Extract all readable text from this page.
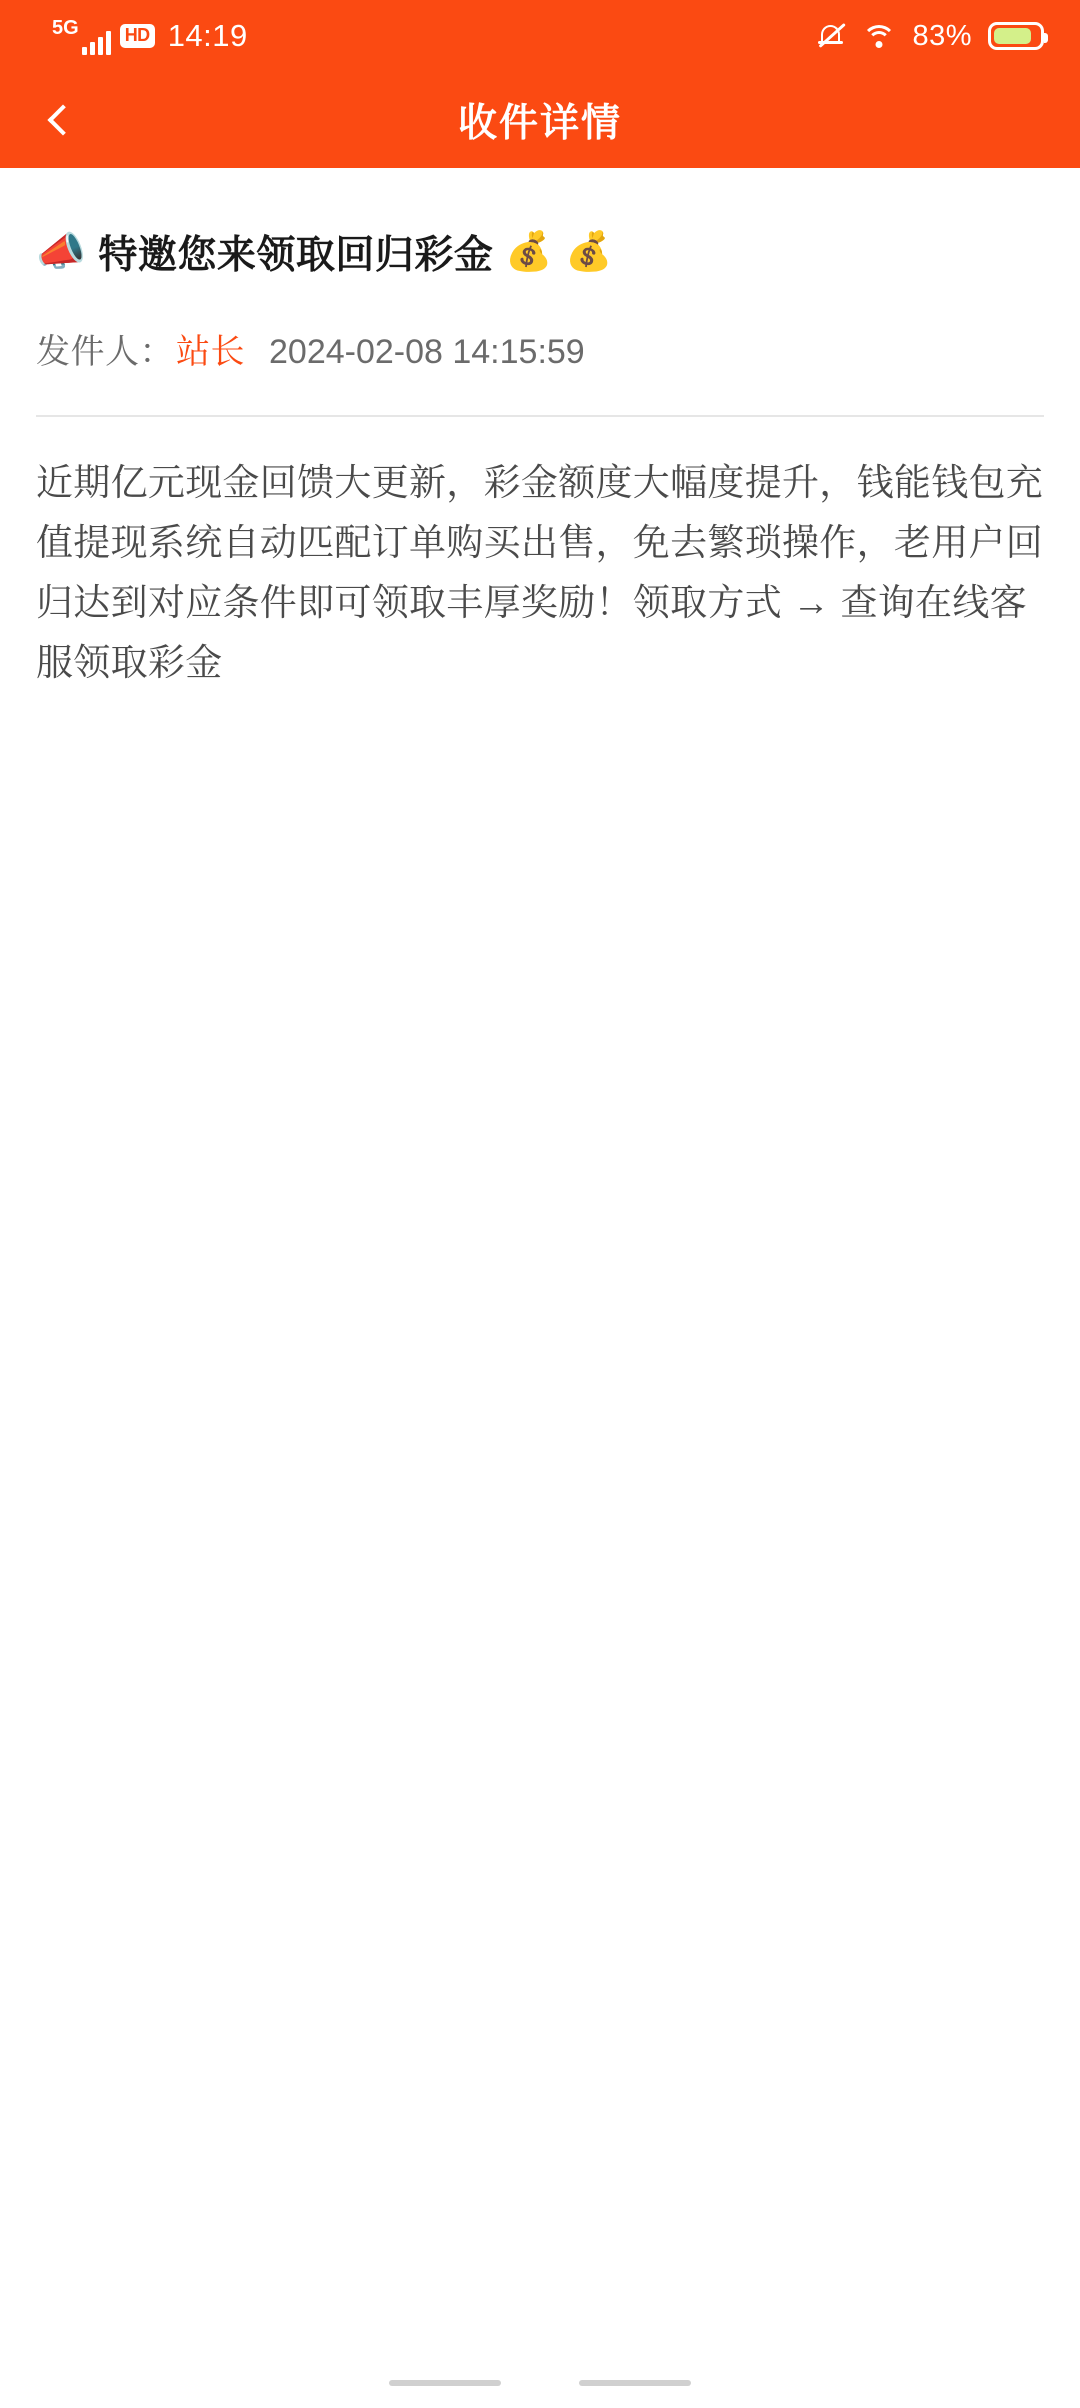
5G	HD 14:19	83%
收件详情
📣 特邀您来领取回归彩金 💰 💰
发件人： 站长 2024-02-08 14:15:59
近期亿元现金回馈大更新，彩金额度大幅度提升，钱能钱包充值提现系统自动匹配订单购买出售，免去繁琐操作，老用户回归达到对应条件即可领取丰厚奖励！领取方式 → 查询在线客服领取彩金
